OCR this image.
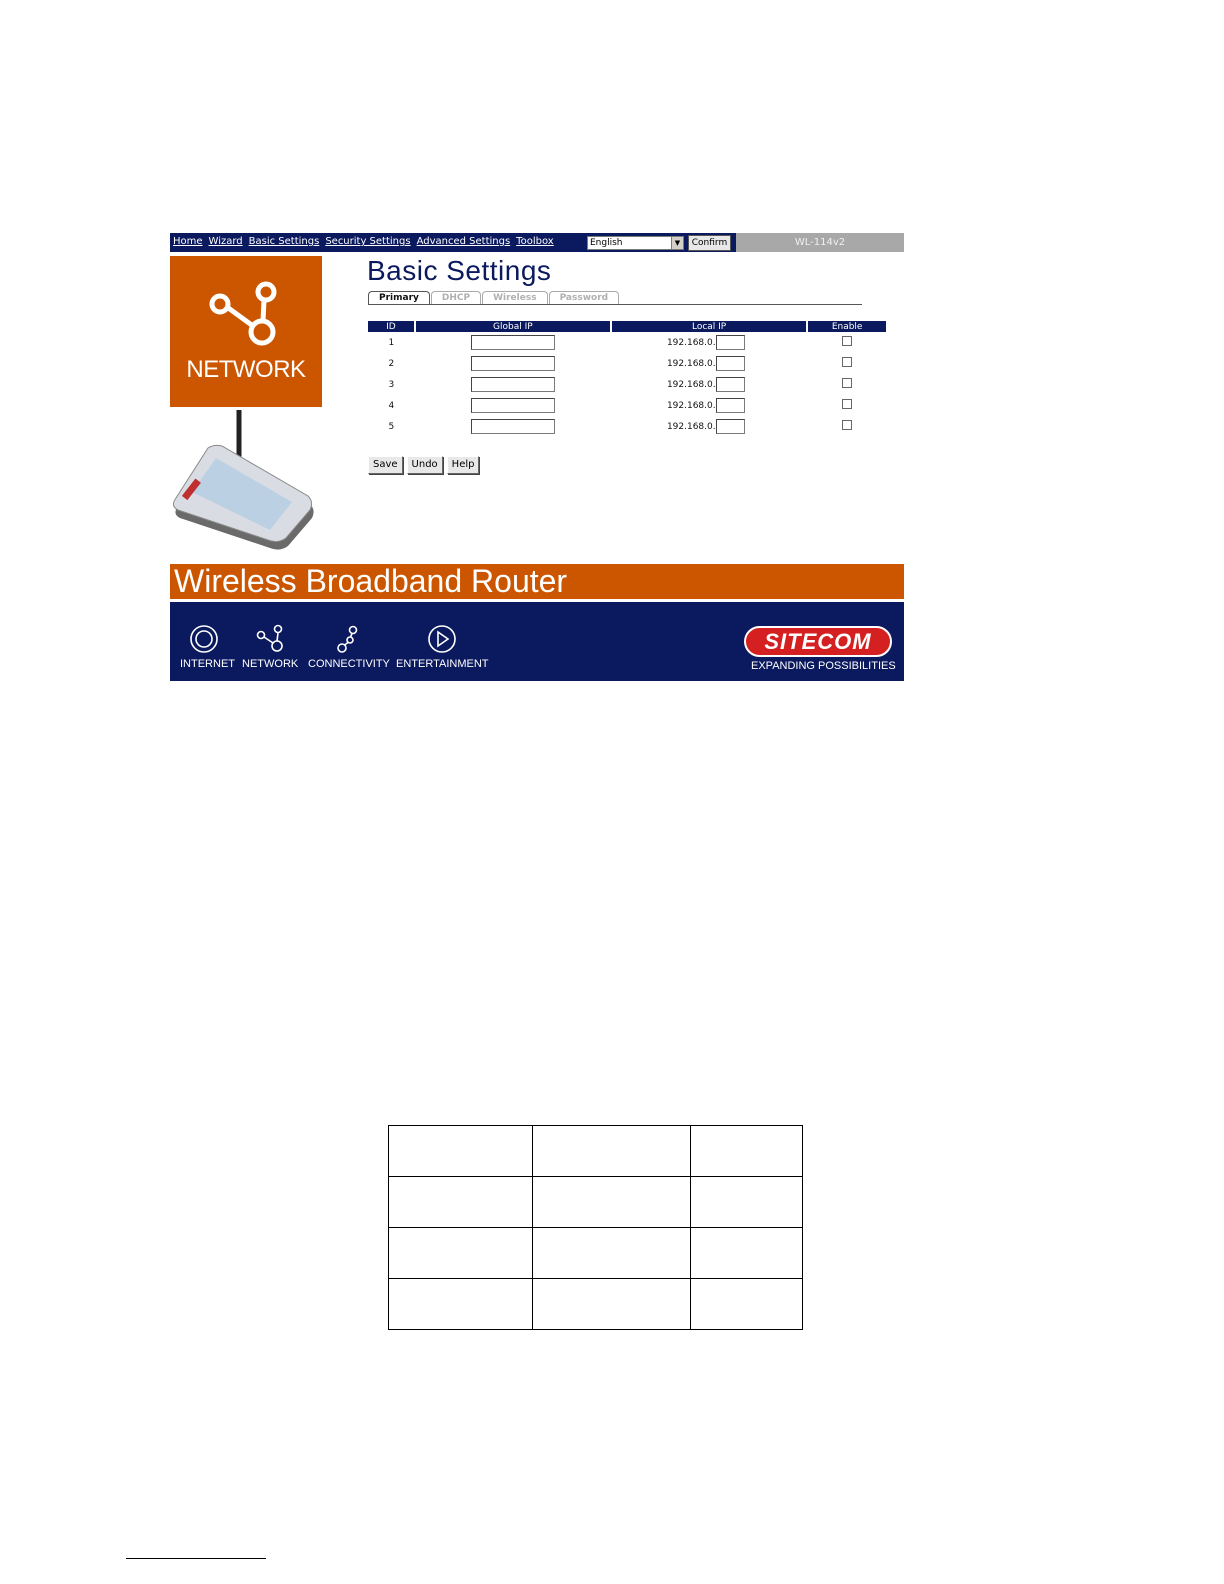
Home Wizard Basic Settings Security Settings Advanced Settings Toolbox	English	▼	Confirm	WL-114v2
NETWORK
Basic Settings
Primary	DHCP	Wireless	Password
ID	Global IP	Local IP	Enable
1		192.168.0.	
2		192.168.0.	
3		192.168.0.	
4		192.168.0.	
5		192.168.0.	
Save	Undo	Help
Wireless Broadband Router
INTERNET NETWORK CONNECTIVITY ENTERTAINMENT
SITECOM
EXPANDING POSSIBILITIES
